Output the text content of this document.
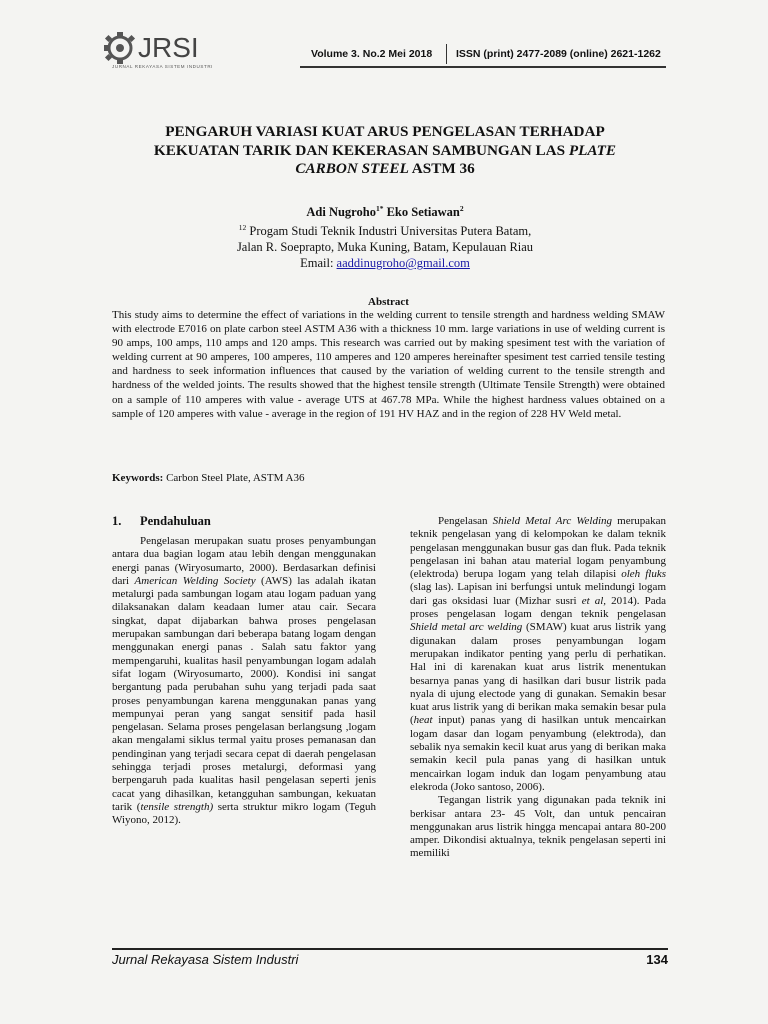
JRSI
JURNAL REKAYASA SISTEM INDUSTRI
Volume 3. No.2 Mei 2018 ISSN (print) 2477-2089 (online) 2621-1262
PENGARUH VARIASI KUAT ARUS PENGELASAN TERHADAP
KEKUATAN TARIK DAN KEKERASAN SAMBUNGAN LAS PLATE
CARBON STEEL ASTM 36
Adi Nugroho$^{1*}$ Eko Setiawan$^2$
$^{12}$ Progam Studi Teknik Industri Universitas Putera Batam,
Jalan R. Soeprapto, Muka Kuning, Batam, Kepulauan Riau
Email: aaddinugroho@gmail.com
Abstract
This study aims to determine the effect of variations in the welding current to tensile strength and hardness welding SMAW with electrode E7016 on plate carbon steel ASTM A36 with a thickness 10 mm. large variations in use of welding current is 90 amps, 100 amps, 110 amps and 120 amps. This research was carried out by making spesiment test with the variation of welding current at 90 amperes, 100 amperes, 110 amperes and 120 amperes hereinafter spesiment test carried tensile testing and hardness to seek information influences that caused by the variation of welding current to the tensile strength and hardness of the welded joints. The results showed that the highest tensile strength (Ultimate Tensile Strength) were obtained on a sample of 110 amperes with value - average UTS at 467.78 MPa. While the highest hardness values obtained on a sample of 120 amperes with value - average in the region of 191 HV HAZ and in the region of 228 HV Weld metal.
Keywords: Carbon Steel Plate, ASTM A36
1. Pendahuluan

Pengelasan merupakan suatu proses penyambungan antara dua bagian logam atau lebih dengan menggunakan energi panas (Wiryosumarto, 2000). Berdasarkan definisi dari American Welding Society (AWS) las adalah ikatan metalurgi pada sambungan logam atau logam paduan yang dilaksanakan dalam keadaan lumer atau cair. Secara singkat, dapat dijabarkan bahwa proses pengelasan merupakan sambungan dari beberapa batang logam dengan menggunakan energi panas . Salah satu faktor yang mempengaruhi, kualitas hasil penyambungan logam adalah sifat logam (Wiryosumarto, 2000). Kondisi ini sangat bergantung pada perubahan suhu yang terjadi pada saat proses penyambungan karena menggunakan panas yang mempunyai peran yang sangat sensitif pada hasil pengelasan. Selama proses pengelasan berlangsung ,logam akan mengalami siklus termal yaitu proses pemanasan dan pendinginan yang terjadi secara cepat di daerah pengelasan sehingga terjadi proses metalurgi, deformasi yang berpengaruh pada kualitas hasil pengelasan seperti jenis cacat yang dihasilkan, ketangguhan sambungan, kekuatan tarik (tensile strength) serta struktur mikro logam (Teguh Wiyono, 2012).

Pengelasan Shield Metal Arc Welding merupakan teknik pengelasan yang di kelompokan ke dalam teknik pengelasan menggunakan busur gas dan fluk. Pada teknik pengelasan ini bahan atau material logam penyambung (elektroda) berupa logam yang telah dilapisi oleh fluks (slag las). Lapisan ini berfungsi untuk melindungi logam dari gas oksidasi luar (Mizhar susri et al, 2014). Pada proses pengelasan logam dengan teknik pengelasan Shield metal arc welding (SMAW) kuat arus listrik yang digunakan dalam proses penyambungan logam merupakan indikator penting yang perlu di perhatikan. Hal ini di karenakan kuat arus listrik menentukan besarnya panas yang di hasilkan dari busur listrik pada nyala di ujung electode yang di gunakan. Semakin besar kuat arus listrik yang di berikan maka semakin besar pula (heat input) panas yang di hasilkan untuk mencairkan logam dasar dan logam penyambung (elektroda), dan sebalik nya semakin kecil kuat arus yang di berikan maka semakin kecil pula panas yang di hasilkan untuk mencairkan logam induk dan logam penyambung atau elekroda (Joko santoso, 2006).

Tegangan listrik yang digunakan pada teknik ini berkisar antara 23- 45 Volt, dan untuk pencairan menggunakan arus listrik hingga mencapai antara 80-200 amper. Dikondisi aktualnya, teknik pengelasan seperti ini memiliki

Jurnal Rekayasa Sistem Industri	134
